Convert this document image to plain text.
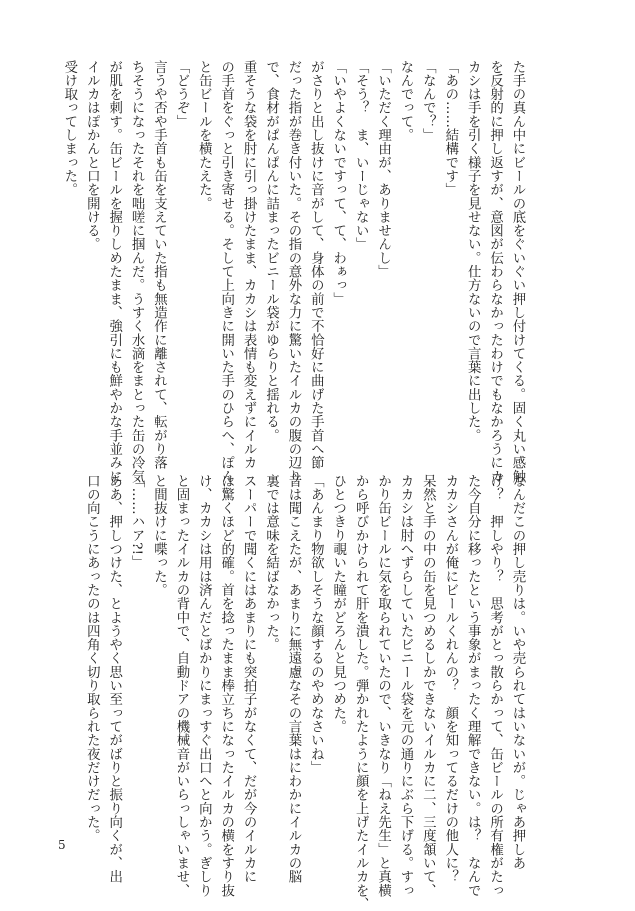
た手の真ん中にビールの底をぐいぐい押し付けてくる。固く丸い感触
を反射的に押し返すが、意図が伝わらなかったわけでもなかろうにカ
カシは手を引く様子を見せない。仕方ないので言葉に出した。
「あの……結構です」
「なんで？」
なんでって。
「いただく理由が、ありませんし」
「そう？　ま、いーじゃない」
「いやよくないですって、て、わぁっ」
がさりと出し抜けに音がして、身体の前で不恰好に曲げた手首へ節
だった指が巻き付いた。その指の意外な力に驚いたイルカの腹の辺り
で、食材がぱんぱんに詰まったビニール袋がゆらりと揺れる。
重そうな袋を肘に引っ掛けたまま、カカシは表情も変えずにイルカ
の手首をぐっと引き寄せる。そして上向きに開いた手のひらへ、ぽん
と缶ビールを横たえた。
「どうぞ」
言うや否や手首も缶を支えていた指も無造作に離されて、転がり落
ちそうになったそれを咄嗟に掴んだ。うすく水滴をまとった缶の冷気
が肌を刺す。缶ビールを握りしめたまま、強引にも鮮やかな手並みに
イルカはぽかんと口を開ける。
受け取ってしまった。
なんだこの押し売りは。いや売られてはいないが。じゃあ押しあ
げ？　押しやり？　思考がとっ散らかって、缶ビールの所有権がたっ
た今自分に移ったという事象がまったく理解できない。は？　なんで
カカシさんが俺にビールくれんの？　顔を知ってるだけの他人に？
呆然と手の中の缶を見つめるしかできないイルカに二、三度頷いて、
カカシは肘へずらしていたビニール袋を元の通りにぶら下げる。すっ
かり缶ビールに気を取られていたので、いきなり「ねえ先生」と真横
から呼びかけられて肝を潰した。弾かれたように顔を上げたイルカを、
ひとつきり覗いた瞳がどろんと見つめた。
「あんまり物欲しそうな顔するのやめなさいね」
音は聞こえたが、あまりに無遠慮なその言葉はにわかにイルカの脳
裏では意味を結ばなかった。
スーパーで聞くにはあまりにも突拍子がなくて、だが今のイルカに
は驚くほど的確。首を捻ったまま棒立ちになったイルカの横をすり抜
け、カカシは用は済んだとばかりにまっすぐ出口へと向かう。ぎしり
と固まったイルカの背中で、自動ドアの機械音がいらっしゃいませ、
と間抜けに喋った。
「……ハア?!」
ああ、押しつけた、とようやく思い至ってがばりと振り向くが、出
口の向こうにあったのは四角く切り取られた夜だけだった。
5
